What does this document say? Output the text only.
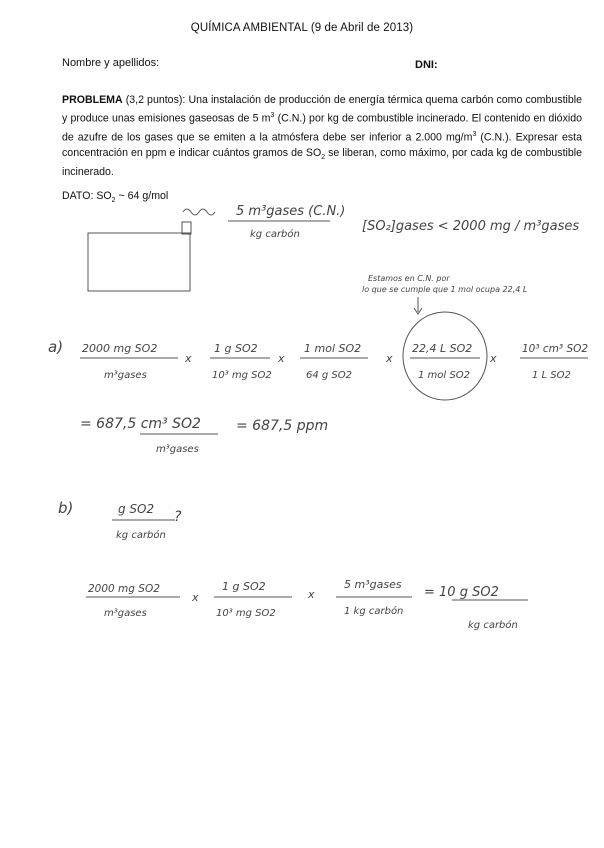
QUÍMICA AMBIENTAL (9 de Abril de 2013)
Nombre y apellidos:	DNI:
PROBLEMA (3,2 puntos): Una instalación de producción de energía térmica quema carbón como combustible y produce unas emisiones gaseosas de 5 $m^3$ (C.N.) por kg de combustible incinerado. El contenido en dióxido de azufre de los gases que se emiten a la atmósfera debe ser inferior a 2.000 $mg/m^3$ (C.N.). Expresar esta concentración en ppm e indicar cuántos gramos de $SO_2$ se liberan, como máximo, por cada kg de combustible incinerado.
DATO: $SO_2$ ~ 64 g/mol
5 m³gases (C.N.)
kg carbón
[SO₂]gases < 2000 mg / m³gases
Estamos en C.N. por
lo que se cumple que 1 mol ocupa 22,4 L
a) 2000 mg SO2
m³gases
x
1 g SO2
10³ mg SO2
x
1 mol SO2
64 g SO2
x
22,4 L SO2
1 mol SO2
x
10³ cm³ SO2
1 L SO2
= 687,5 cm³ SO2
m³gases
= 687,5 ppm
b)	g SO2
kg carbón
?
2000 mg SO2
m³gases
x
1 g SO2
10³ mg SO2
x
5 m³gases
1 kg carbón
= 10 g SO2
kg carbón
